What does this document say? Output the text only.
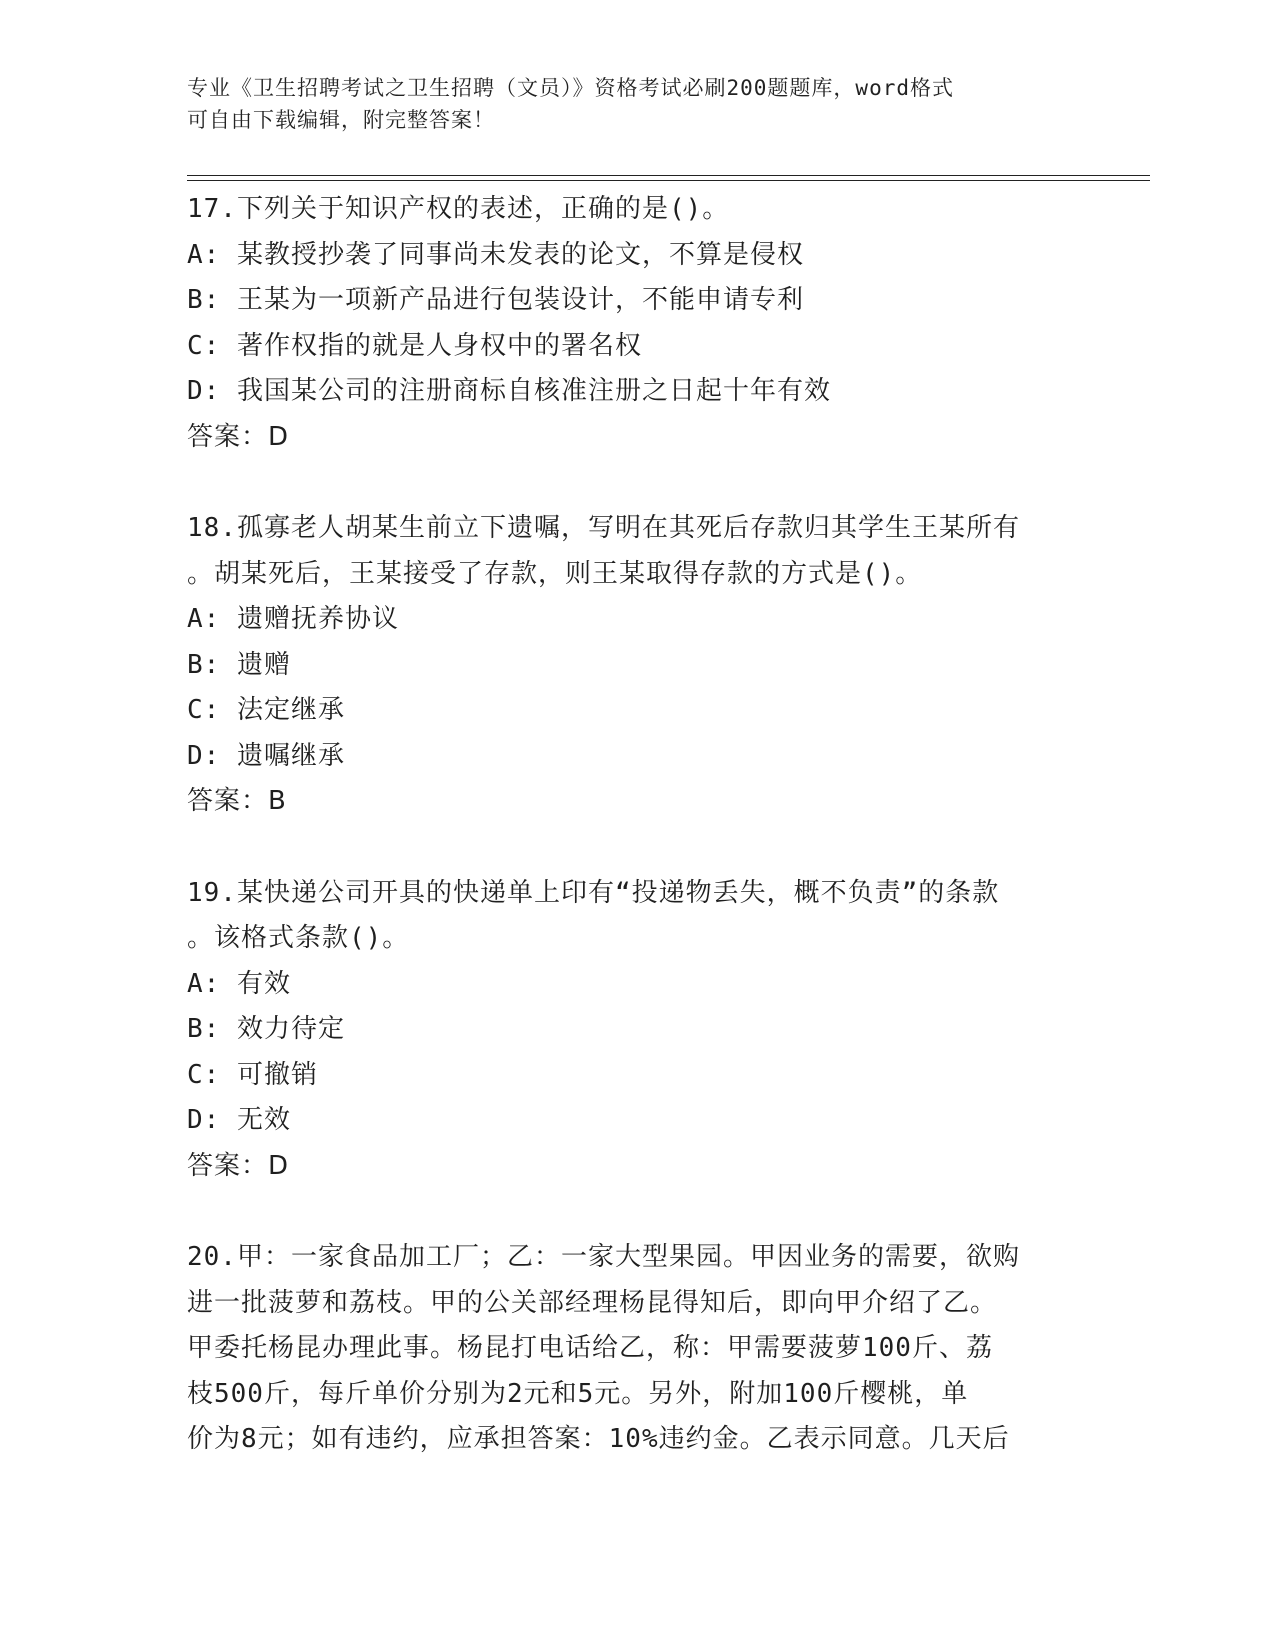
专业《卫生招聘考试之卫生招聘（文员）》资格考试必刷200题题库，word格式
可自由下载编辑，附完整答案！
17.下列关于知识产权的表述，正确的是()。
A: 某教授抄袭了同事尚未发表的论文，不算是侵权
B: 王某为一项新产品进行包装设计，不能申请专利
C: 著作权指的就是人身权中的署名权
D: 我国某公司的注册商标自核准注册之日起十年有效
答案：D
18.孤寡老人胡某生前立下遗嘱，写明在其死后存款归其学生王某所有
。胡某死后，王某接受了存款，则王某取得存款的方式是()。
A: 遗赠抚养协议
B: 遗赠
C: 法定继承
D: 遗嘱继承
答案：B
19.某快递公司开具的快递单上印有“投递物丢失，概不负责”的条款
。该格式条款()。
A: 有效
B: 效力待定
C: 可撤销
D: 无效
答案：D
20.甲：一家食品加工厂；乙：一家大型果园。甲因业务的需要，欲购
进一批菠萝和荔枝。甲的公关部经理杨昆得知后，即向甲介绍了乙。
甲委托杨昆办理此事。杨昆打电话给乙，称：甲需要菠萝100斤、荔
枝500斤，每斤单价分别为2元和5元。另外，附加100斤樱桃，单
价为8元；如有违约，应承担答案：10%违约金。乙表示同意。几天后
